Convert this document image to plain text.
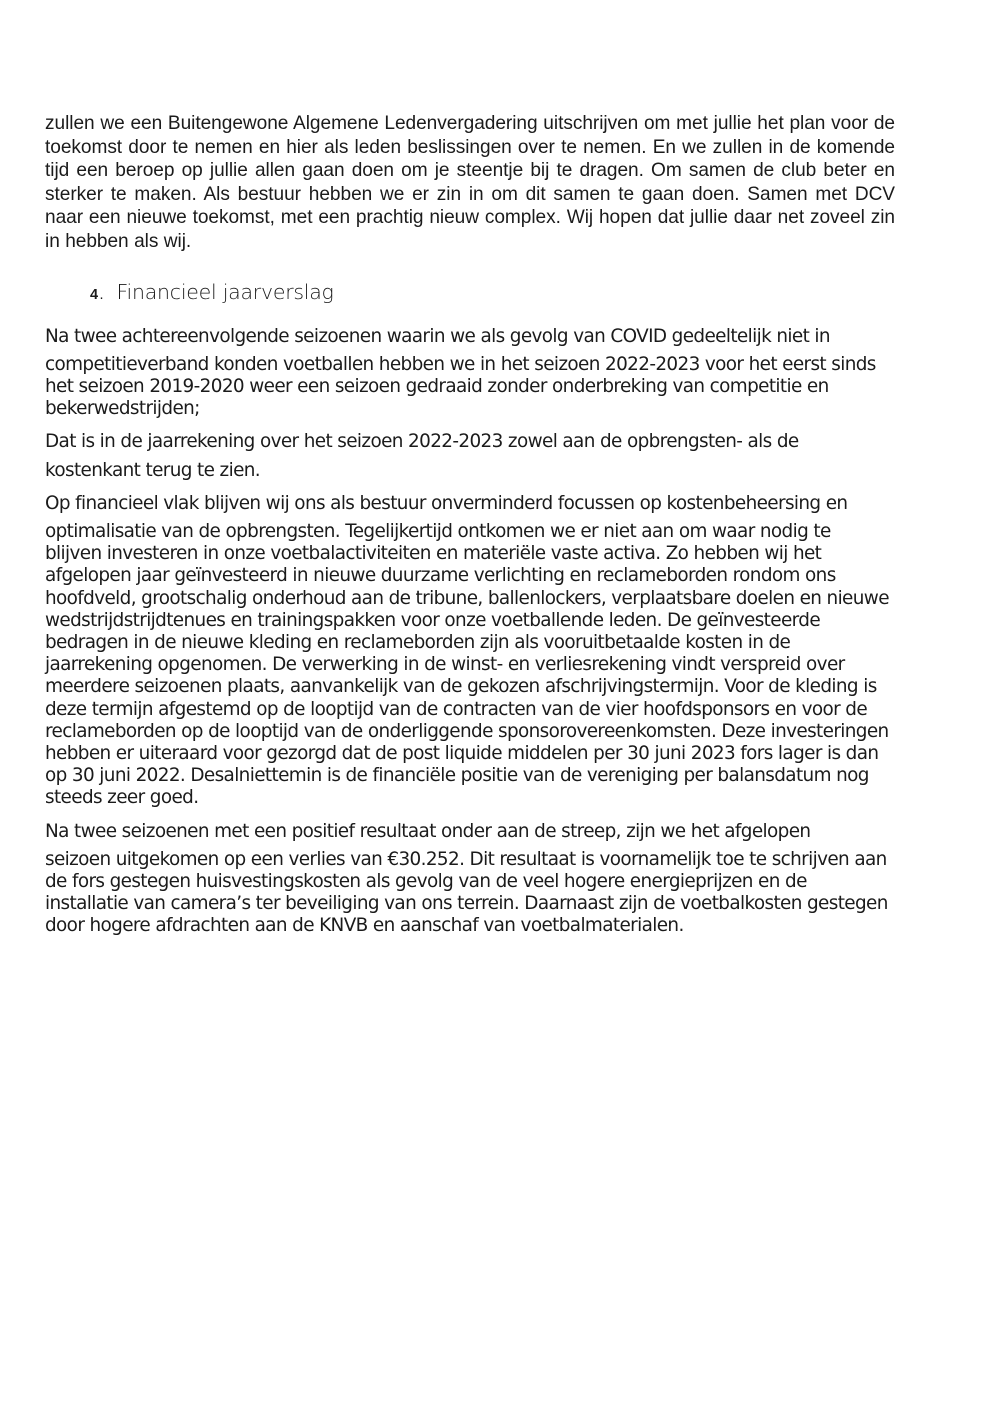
zullen we een Buitengewone Algemene Ledenvergadering uitschrijven om met jullie het plan voor de toekomst door te nemen en hier als leden beslissingen over te nemen. En we zullen in de komende tijd een beroep op jullie allen gaan doen om je steentje bij te dragen. Om samen de club beter en sterker te maken. Als bestuur hebben we er zin in om dit samen te gaan doen. Samen met DCV naar een nieuwe toekomst, met een prachtig nieuw complex. Wij hopen dat jullie daar net zoveel zin in hebben als wij.

4 . Financieel jaarverslag

Na twee achtereenvolgende seizoenen waarin we als gevolg van COVID gedeeltelijk niet in
competitieverband konden voetballen hebben we in het seizoen 2022-2023 voor het eerst sinds het seizoen 2019-2020 weer een seizoen gedraaid zonder onderbreking van competitie en bekerwedstrijden;

Dat is in de jaarrekening over het seizoen 2022-2023 zowel aan de opbrengsten- als de
kostenkant terug te zien.

Op financieel vlak blijven wij ons als bestuur onverminderd focussen op kostenbeheersing en
optimalisatie van de opbrengsten. Tegelijkertijd ontkomen we er niet aan om waar nodig te blijven investeren in onze voetbalactiviteiten en materiële vaste activa. Zo hebben wij het afgelopen jaar geïnvesteerd in nieuwe duurzame verlichting en reclameborden rondom ons hoofdveld, grootschalig onderhoud aan de tribune, ballenlockers, verplaatsbare doelen en nieuwe wedstrijdstrijdtenues en trainingspakken voor onze voetballende leden. De geïnvesteerde bedragen in de nieuwe kleding en reclameborden zijn als vooruitbetaalde kosten in de jaarrekening opgenomen. De verwerking in de winst- en verliesrekening vindt verspreid over meerdere seizoenen plaats, aanvankelijk van de gekozen afschrijvingstermijn. Voor de kleding is deze termijn afgestemd op de looptijd van de contracten van de vier hoofdsponsors en voor de reclameborden op de looptijd van de onderliggende sponsorovereenkomsten. Deze investeringen hebben er uiteraard voor gezorgd dat de post liquide middelen per 30 juni 2023 fors lager is dan op 30 juni 2022. Desalniettemin is de financiële positie van de vereniging per balansdatum nog steeds zeer goed.

Na twee seizoenen met een positief resultaat onder aan de streep, zijn we het afgelopen
seizoen uitgekomen op een verlies van €30.252. Dit resultaat is voornamelijk toe te schrijven aan de fors gestegen huisvestingskosten als gevolg van de veel hogere energieprijzen en de installatie van camera’s ter beveiliging van ons terrein. Daarnaast zijn de voetbalkosten gestegen door hogere afdrachten aan de KNVB en aanschaf van voetbalmaterialen.
